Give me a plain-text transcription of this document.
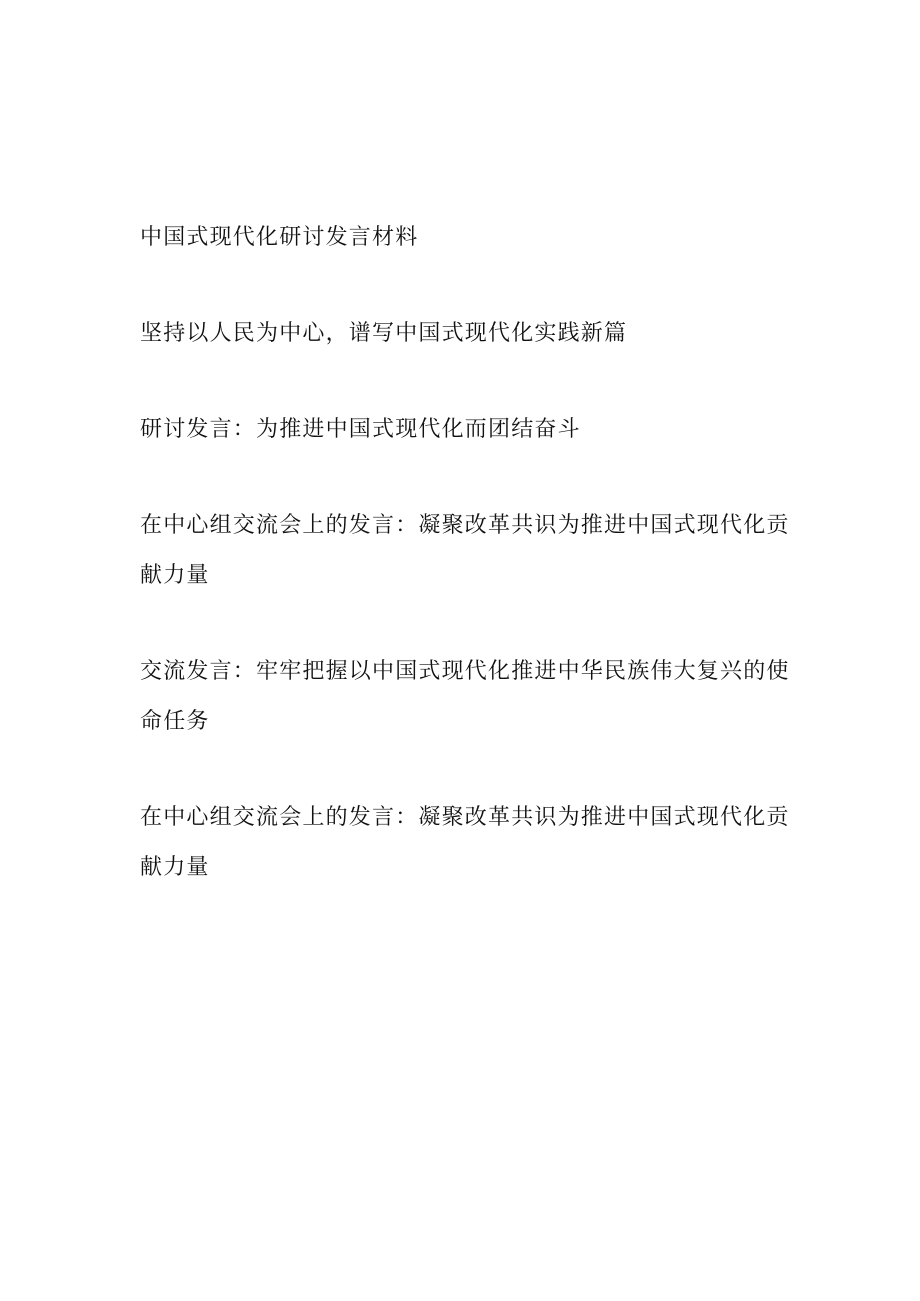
中国式现代化研讨发言材料

坚持以人民为中心，谱写中国式现代化实践新篇

研讨发言：为推进中国式现代化而团结奋斗

在中心组交流会上的发言：凝聚改革共识为推进中国式现代化贡献力量

交流发言：牢牢把握以中国式现代化推进中华民族伟大复兴的使命任务

在中心组交流会上的发言：凝聚改革共识为推进中国式现代化贡献力量
